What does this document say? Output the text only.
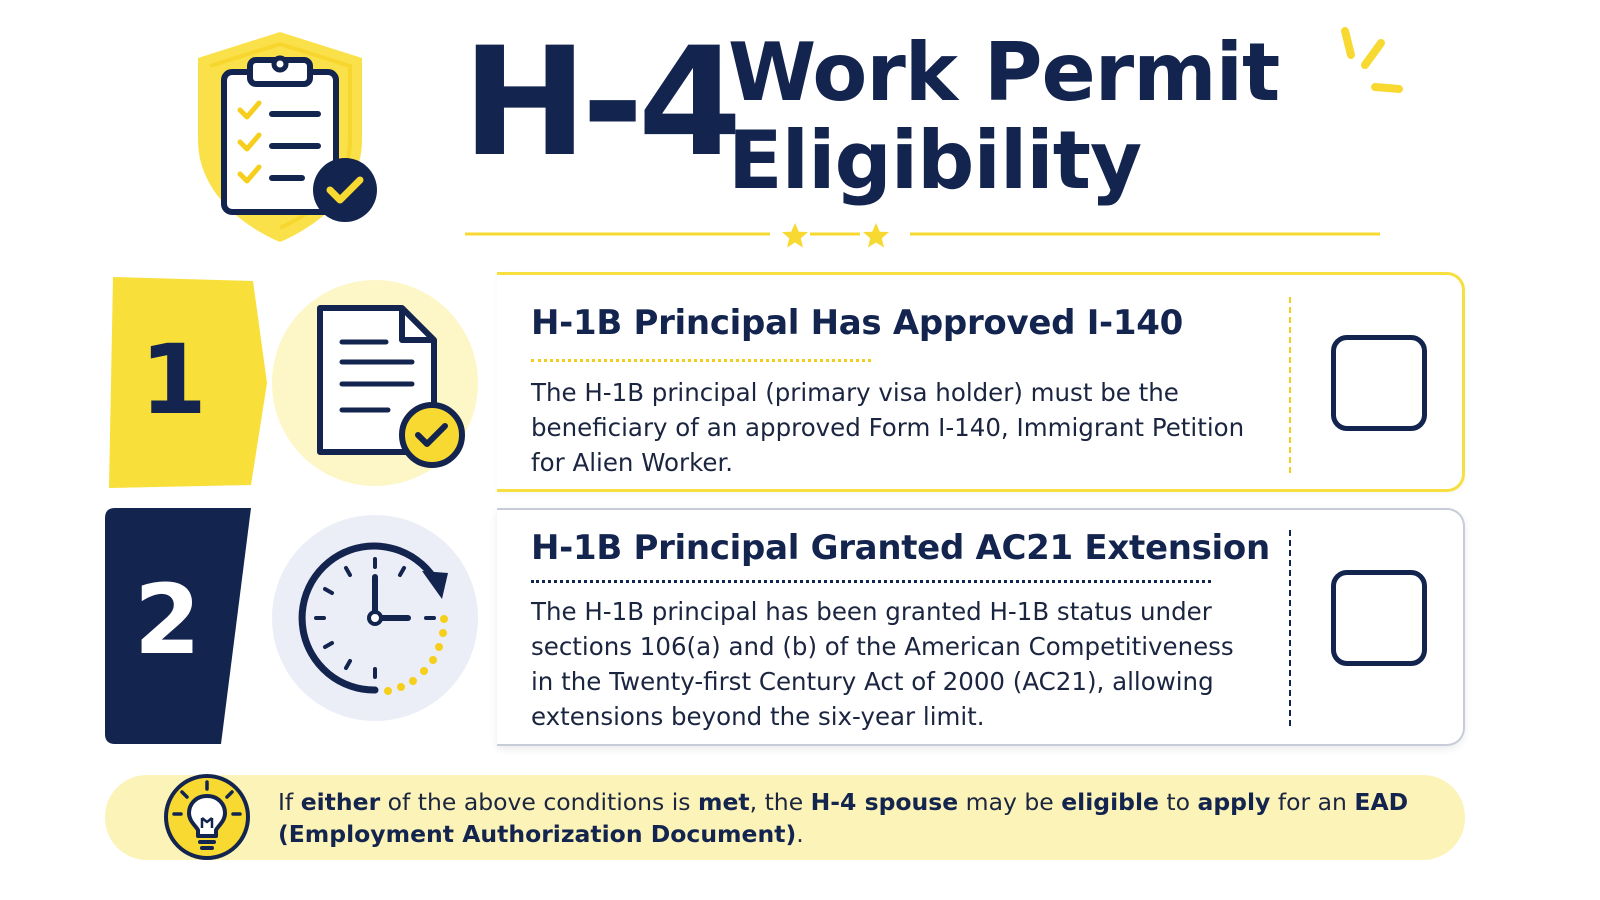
H-4
Work Permit
Eligibility
1
H-1B Principal Has Approved I-140
The H-1B principal (primary visa holder) must be the beneficiary of an approved Form I-140, Immigrant Petition for Alien Worker.
2
H-1B Principal Granted AC21 Extension
The H-1B principal has been granted H-1B status under sections 106(a) and (b) of the American Competitiveness in the Twenty-first Century Act of 2000 (AC21), allowing extensions beyond the six-year limit.
If either of the above conditions is met, the H-4 spouse may be eligible to apply for an EAD (Employment Authorization Document).
